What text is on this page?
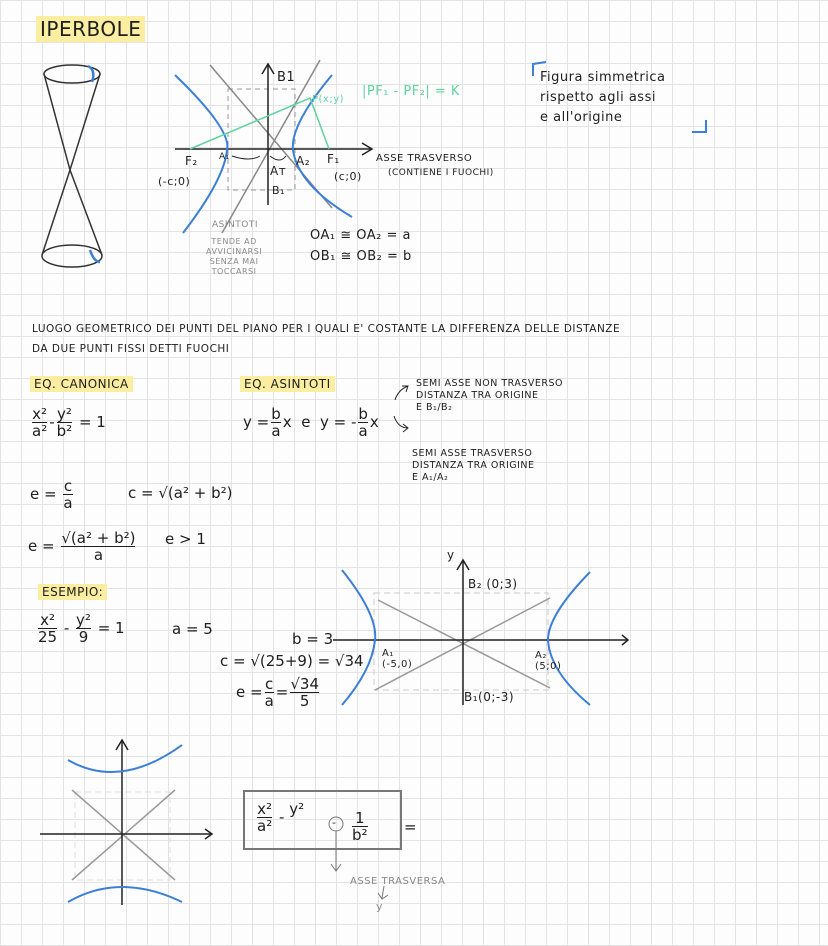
IPERBOLE
B1
B₁
F₂ A₁	A₂ F₁
Aᴛ
(-c;0)	(c;0)
P(x;y)
|PF₁ - PF₂| = K
ASSE TRASVERSO
(CONTIENE I FUOCHI)
ASINTOTI
TENDE AD
AVVICINARSI
SENZA MAI
TOCCARSI
OA₁ ≅ OA₂ = a
OB₁ ≅ OB₂ = b
Figura simmetrica
rispetto agli assi
e all'origine
LUOGO GEOMETRICO DEI PUNTI DEL PIANO PER I QUALI E' COSTANTE LA DIFFERENZA DELLE DISTANZE
DA DUE PUNTI FISSI DETTI FUOCHI
EQ. CANONICA
$\frac{\text{x²}}{\text{a²}} - \frac{\text{y²}}{\text{b²}} = 1$
$e = \frac{c}{a}$	c = √(a² + b²)
$e = \frac{\text{√(a² + b²)}}{a}$ e > 1
EQ. ASINTOTI
$y = \frac{b}{a}$ x e y = - $\frac{b}{a}$ x
SEMI ASSE NON TRASVERSO
DISTANZA TRA ORIGINE
E B₁/B₂
SEMI ASSE TRASVERSO
DISTANZA TRA ORIGINE
E A₁/A₂
ESEMPIO:
$\frac{\text{x²}}{25} - \frac{\text{y²}}{9} = 1$	a = 5
b = 3
c = √(25+9) = √34
$e = \frac{c}{a} = \frac{√34}{5}$
y
B₂ (0;3)
B₁(0;-3)
A₁
(-5,0)
A₂
(5;0)
$\frac{\text{x²}}{\text{a²}} - y^2$
- $\frac{1}{\text{b²}}$ =
ASSE TRASVERSA
y
